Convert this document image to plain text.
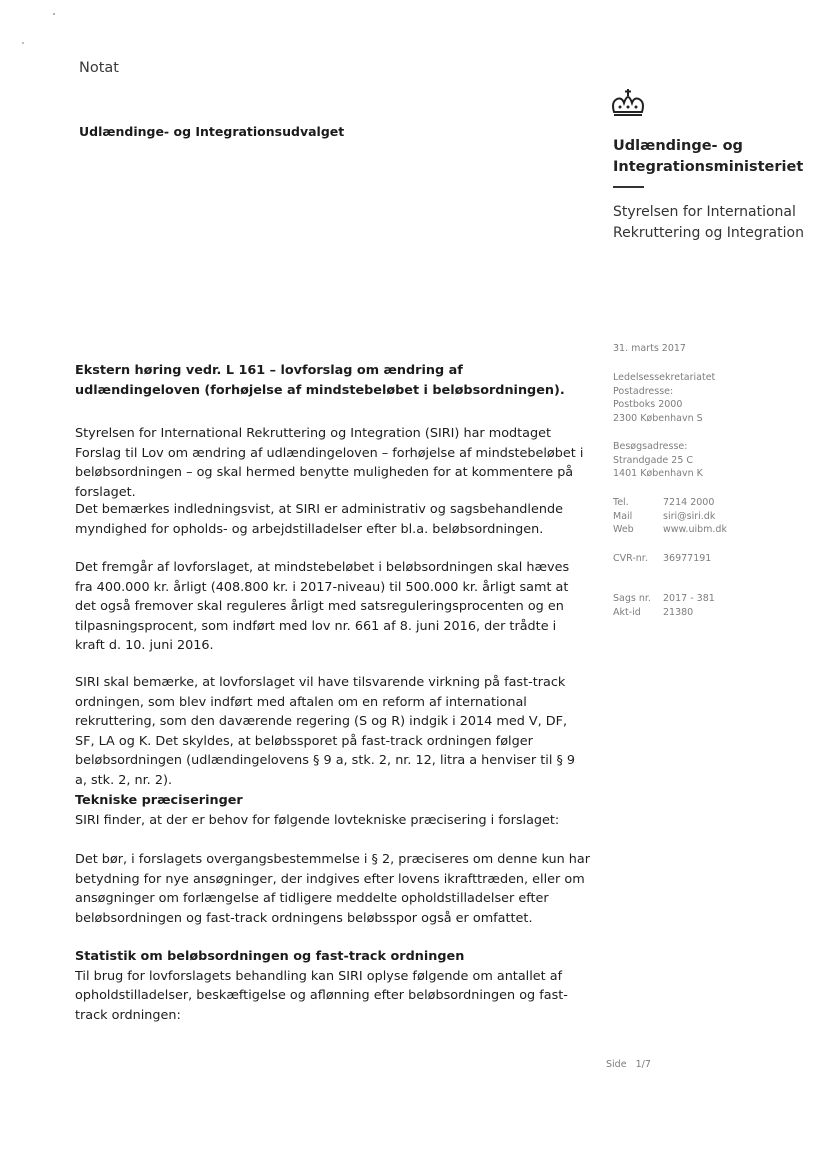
Notat
Udlændinge- og Integrationsudvalget
Udlændinge- og Integrationsministeriet
Styrelsen for International Rekruttering og Integration
31. marts 2017
Ledelsessekretariatet
Postadresse:
Postboks 2000
2300 København S
Besøgsadresse:
Strandgade 25 C
1401 København K
Tel.	7214 2000
Mail	siri@siri.dk
Web	www.uibm.dk
CVR-nr.	36977191
Sags nr.	2017 - 381
Akt-id	21380

Ekstern høring vedr. L 161 – lovforslag om ændring af udlændingeloven (forhøjelse af mindstebeløbet i beløbsordningen).

Styrelsen for International Rekruttering og Integration (SIRI) har modtaget Forslag til Lov om ændring af udlændingeloven – forhøjelse af mindstebeløbet i beløbsordningen – og skal hermed benytte muligheden for at kommentere på forslaget.

Det bemærkes indledningsvist, at SIRI er administrativ og sagsbehandlende myndighed for opholds- og arbejdstilladelser efter bl.a. beløbsordningen.

Det fremgår af lovforslaget, at mindstebeløbet i beløbsordningen skal hæves fra 400.000 kr. årligt (408.800 kr. i 2017-niveau) til 500.000 kr. årligt samt at det også fremover skal reguleres årligt med satsreguleringsprocenten og en tilpasningsprocent, som indført med lov nr. 661 af 8. juni 2016, der trådte i kraft d. 10. juni 2016.

SIRI skal bemærke, at lovforslaget vil have tilsvarende virkning på fast-track ordningen, som blev indført med aftalen om en reform af international rekruttering, som den daværende regering (S og R) indgik i 2014 med V, DF, SF, LA og K. Det skyldes, at beløbssporet på fast-track ordningen følger beløbsordningen (udlændingelovens § 9 a, stk. 2, nr. 12, litra a henviser til § 9 a, stk. 2, nr. 2).

Tekniske præciseringer

SIRI finder, at der er behov for følgende lovtekniske præcisering i forslaget:

Det bør, i forslagets overgangsbestemmelse i § 2, præciseres om denne kun har betydning for nye ansøgninger, der indgives efter lovens ikrafttræden, eller om ansøgninger om forlængelse af tidligere meddelte opholdstilladelser efter beløbsordningen og fast-track ordningens beløbsspor også er omfattet.

Statistik om beløbsordningen og fast-track ordningen

Til brug for lovforslagets behandling kan SIRI oplyse følgende om antallet af opholdstilladelser, beskæftigelse og aflønning efter beløbsordningen og fast-track ordningen:

Side 1/7
